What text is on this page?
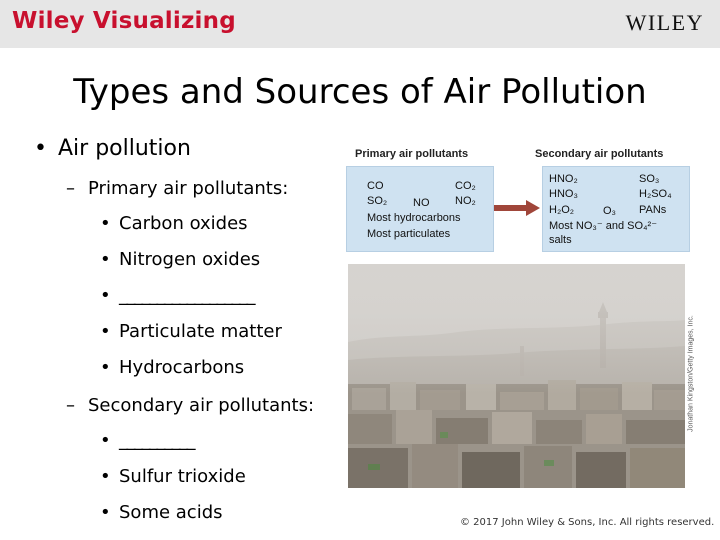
Wiley Visualizing	WILEY
Types and Sources of Air Pollution
• Air pollution
– Primary air pollutants:
• Carbon oxides
• Nitrogen oxides
• __________________
• Particulate matter
• Hydrocarbons
– Secondary air pollutants:
• __________
• Sulfur trioxide
• Some acids
Primary air pollutants	Secondary air pollutants
CO	CO₂
SO₂ NO NO₂
Most hydrocarbons
Most particulates
HNO₂	SO₃
HNO₃	H₂SO₄
H₂O₂	O₃ PANs
Most NO₃⁻ and SO₄²⁻
salts
Jonathan Kingston/Getty Images, Inc.
© 2017 John Wiley & Sons, Inc. All rights reserved.
